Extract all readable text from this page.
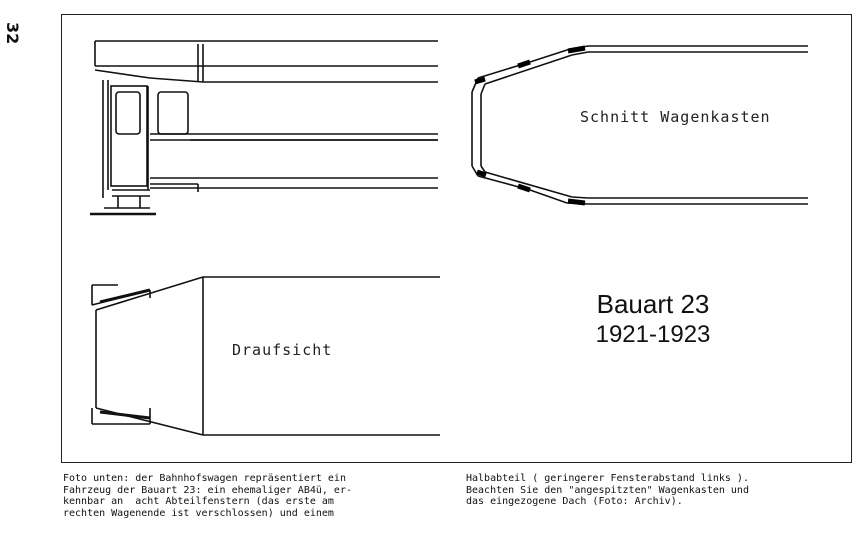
32
Schnitt Wagenkasten
Draufsicht
Bauart 23
1921-1923
Foto unten: der Bahnhofswagen repräsentiert ein
Fahrzeug der Bauart 23: ein ehemaliger AB4ü, er-
kennbar an  acht Abteilfenstern (das erste am
rechten Wagenende ist verschlossen) und einem
Halbabteil ( geringerer Fensterabstand links ).
Beachten Sie den "angespitzten" Wagenkasten und
das eingezogene Dach (Foto: Archiv).
